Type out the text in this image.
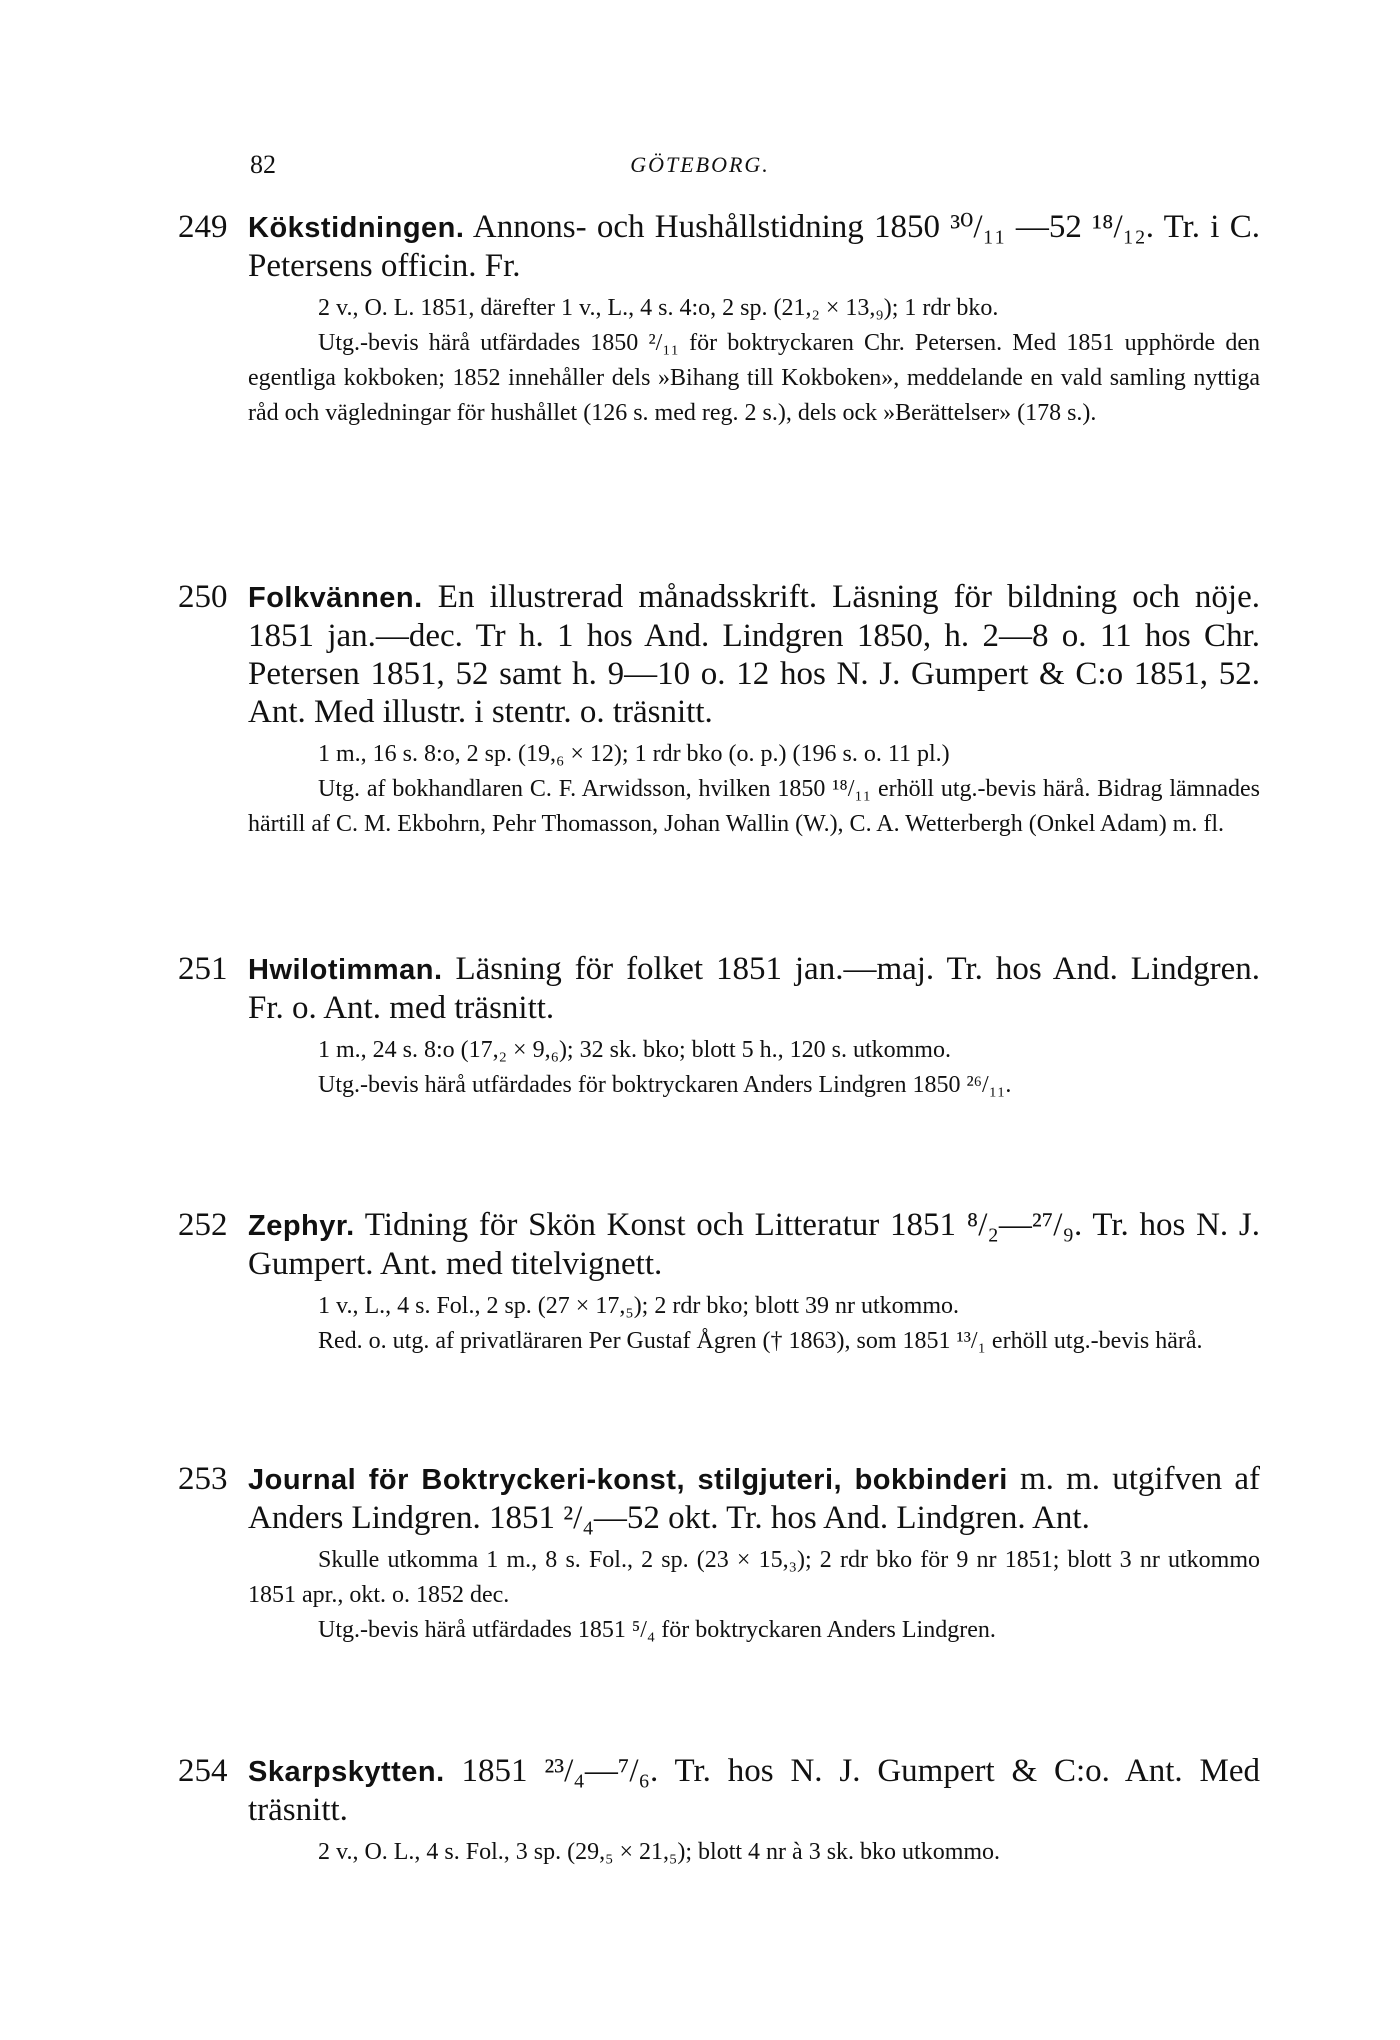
82	GÖTEBORG.
249 Kökstidningen. Annons- och Hushållstidning 1850 ³⁰/₁₁ —52 ¹⁸/₁₂. Tr. i C. Petersens officin. Fr.

2 v., O. L. 1851, därefter 1 v., L., 4 s. 4:o, 2 sp. (21,₂ × 13,₉); 1 rdr bko.

Utg.-bevis härå utfärdades 1850 ²/₁₁ för boktryckaren Chr. Petersen. Med 1851 upphörde den egentliga kokboken; 1852 innehåller dels »Bihang till Kokboken», meddelande en vald samling nyttiga råd och vägledningar för hushållet (126 s. med reg. 2 s.), dels ock »Berättelser» (178 s.).

250 Folkvännen. En illustrerad månadsskrift. Läsning för bildning och nöje. 1851 jan.—dec. Tr h. 1 hos And. Lindgren 1850, h. 2—8 o. 11 hos Chr. Petersen 1851, 52 samt h. 9—10 o. 12 hos N. J. Gumpert & C:o 1851, 52. Ant. Med illustr. i stentr. o. träsnitt.

1 m., 16 s. 8:o, 2 sp. (19,₆ × 12); 1 rdr bko (o. p.) (196 s. o. 11 pl.)

Utg. af bokhandlaren C. F. Arwidsson, hvilken 1850 ¹⁸/₁₁ erhöll utg.-bevis härå. Bidrag lämnades härtill af C. M. Ekbohrn, Pehr Thomasson, Johan Wallin (W.), C. A. Wetterbergh (Onkel Adam) m. fl.

251 Hwilotimman. Läsning för folket 1851 jan.—maj. Tr. hos And. Lindgren. Fr. o. Ant. med träsnitt.

1 m., 24 s. 8:o (17,₂ × 9,₆); 32 sk. bko; blott 5 h., 120 s. utkommo.

Utg.-bevis härå utfärdades för boktryckaren Anders Lindgren 1850 ²⁶/₁₁.

252 Zephyr. Tidning för Skön Konst och Litteratur 1851 ⁸/₂—²⁷/₉. Tr. hos N. J. Gumpert. Ant. med titelvignett.

1 v., L., 4 s. Fol., 2 sp. (27 × 17,₅); 2 rdr bko; blott 39 nr utkommo.

Red. o. utg. af privatläraren Per Gustaf Ågren († 1863), som 1851 ¹³/₁ erhöll utg.-bevis härå.

253 Journal för Boktryckeri-konst, stilgjuteri, bokbinderi m. m. utgifven af Anders Lindgren. 1851 ²/₄—52 okt. Tr. hos And. Lindgren. Ant.

Skulle utkomma 1 m., 8 s. Fol., 2 sp. (23 × 15,₃); 2 rdr bko för 9 nr 1851; blott 3 nr utkommo 1851 apr., okt. o. 1852 dec.

Utg.-bevis härå utfärdades 1851 ⁵/₄ för boktryckaren Anders Lindgren.

254 Skarpskytten. 1851 ²³/₄—⁷/₆. Tr. hos N. J. Gumpert & C:o. Ant. Med träsnitt.

2 v., O. L., 4 s. Fol., 3 sp. (29,₅ × 21,₅); blott 4 nr à 3 sk. bko utkommo.
